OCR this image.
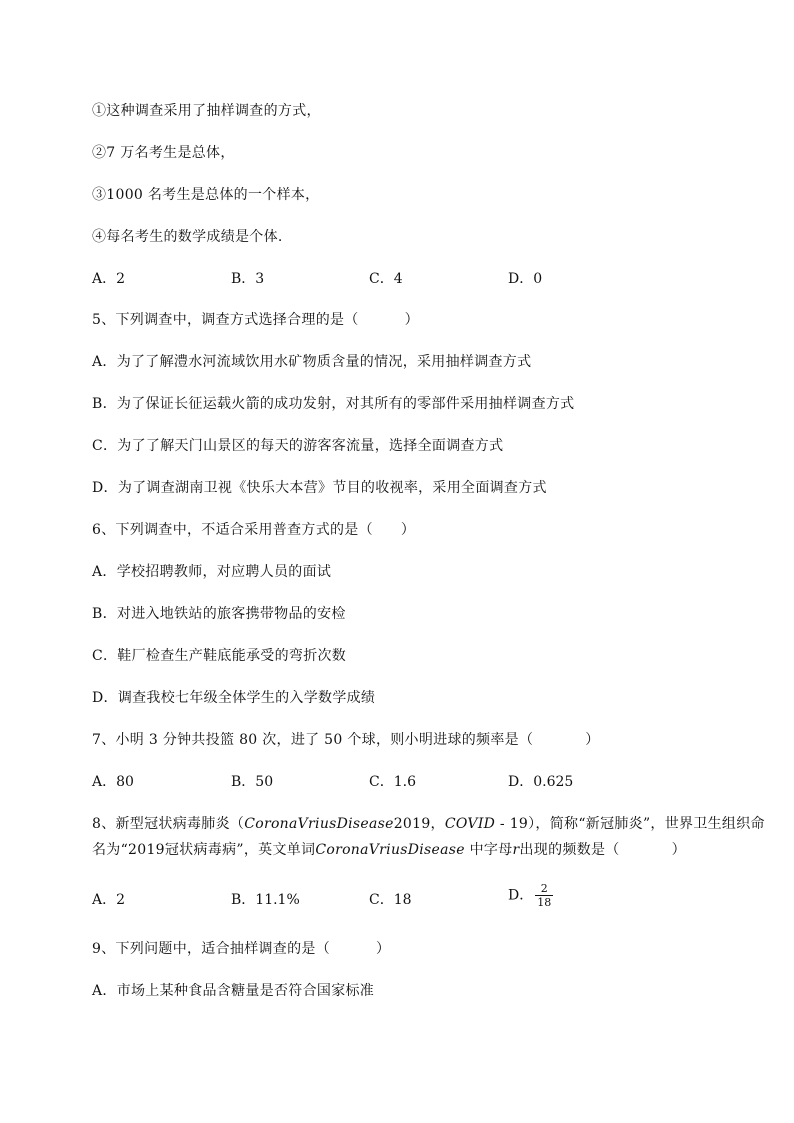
①这种调查采用了抽样调查的方式，
②7 万名考生是总体，
③1000 名考生是总体的一个样本，
④每名考生的数学成绩是个体.
A．2	B．3	C．4	D．0
5、下列调查中，调查方式选择合理的是（	）
A．为了了解澧水河流域饮用水矿物质含量的情况，采用抽样调查方式
B．为了保证长征运载火箭的成功发射，对其所有的零部件采用抽样调查方式
C．为了了解天门山景区的每天的游客客流量，选择全面调查方式
D．为了调查湖南卫视《快乐大本营》节目的收视率，采用全面调查方式
6、下列调查中，不适合采用普查方式的是（ ）
A．学校招聘教师，对应聘人员的面试
B．对进入地铁站的旅客携带物品的安检
C．鞋厂检查生产鞋底能承受的弯折次数
D．调查我校七年级全体学生的入学数学成绩
7、小明 3 分钟共投篮 80 次，进了 50 个球，则小明进球的频率是（	）
A．80	B．50	C．1.6	D．0.625
8、新型冠状病毒肺炎（CoronaVriusDisease2019，COVID - 19），简称“新冠肺炎”，世界卫生组织命
名为“2019冠状病毒病”，英文单词CoronaVriusDisease 中字母r出现的频数是（	）
A．2	B．11.1%	C．18	D． $\frac{2}{18}$
9、下列问题中，适合抽样调查的是（	）
A．市场上某种食品含糖量是否符合国家标准
